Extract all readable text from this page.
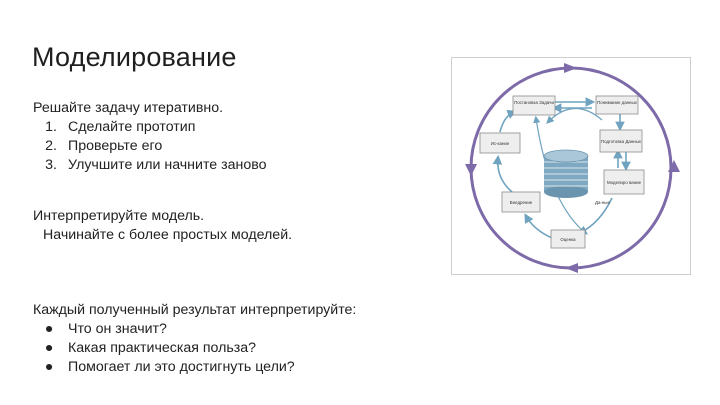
Моделирование
Решайте задачу итеративно.
1. Сделайте прототип
2. Проверьте его
3. Улучшите или начните заново
Интерпретируйте модель.
Начинайте с более простых моделей.
Каждый полученный результат интерпретируйте:
● Что он значит?
● Какая практическая польза?
● Помогает ли это достигнуть цели?
Постановка Задачи	Понимание данных
Ис-кание	Подготовка Данных
Моделиро вание
Внедрение
Оценка
Да-ные
